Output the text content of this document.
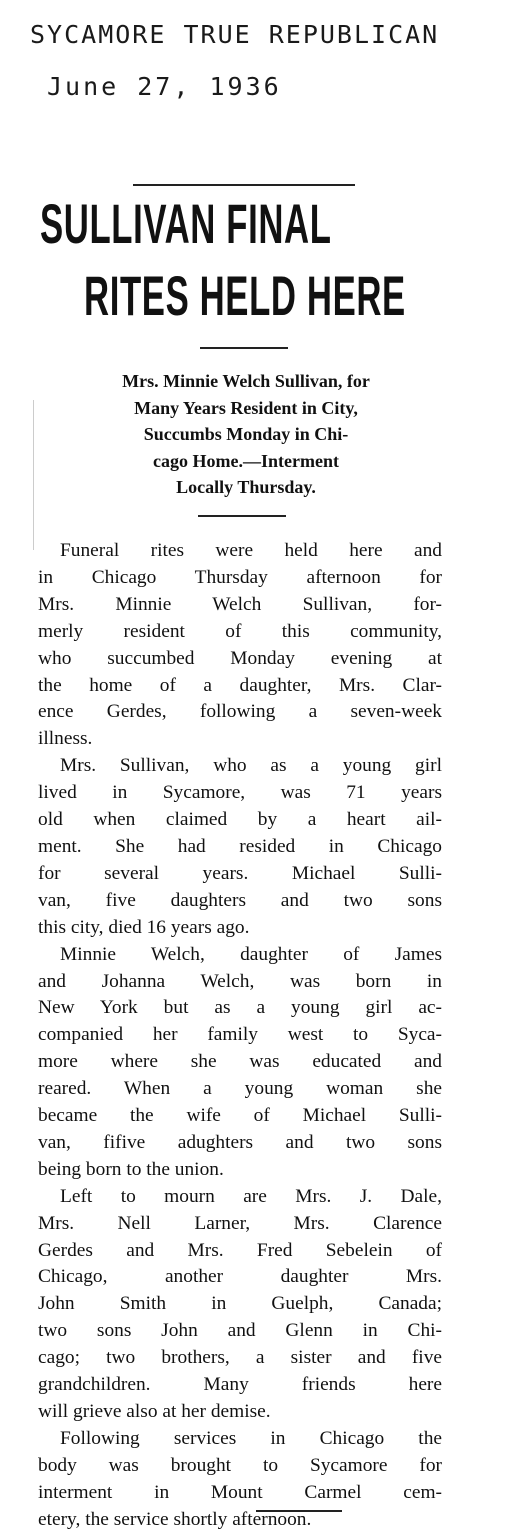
SYCAMORE TRUE REPUBLICAN
June 27, 1936
SULLIVAN FINAL
RITES HELD HERE
Mrs. Minnie Welch Sullivan, for
Many Years Resident in City,
Succumbs Monday in Chi-
cago Home.—Interment
Locally Thursday.
Funeral rites were held here and
in Chicago Thursday afternoon for
Mrs. Minnie Welch Sullivan, for-
merly resident of this community,
who succumbed Monday evening at
the home of a daughter, Mrs. Clar-
ence Gerdes, following a seven-week
illness.
Mrs. Sullivan, who as a young girl
lived in Sycamore, was 71 years
old when claimed by a heart ail-
ment. She had resided in Chicago
for several years. Michael Sulli-
van, five daughters and two sons
this city, died 16 years ago.
Minnie Welch, daughter of James
and Johanna Welch, was born in
New York but as a young girl ac-
companied her family west to Syca-
more where she was educated and
reared. When a young woman she
became the wife of Michael Sulli-
van, fifive adughters and two sons
being born to the union.
Left to mourn are Mrs. J. Dale,
Mrs. Nell Larner, Mrs. Clarence
Gerdes and Mrs. Fred Sebelein of
Chicago, another daughter Mrs.
John Smith in Guelph, Canada;
two sons John and Glenn in Chi-
cago; two brothers, a sister and five
grandchildren. Many friends here
will grieve also at her demise.
Following services in Chicago the
body was brought to Sycamore for
interment in Mount Carmel cem-
etery, the service shortly afternoon.
